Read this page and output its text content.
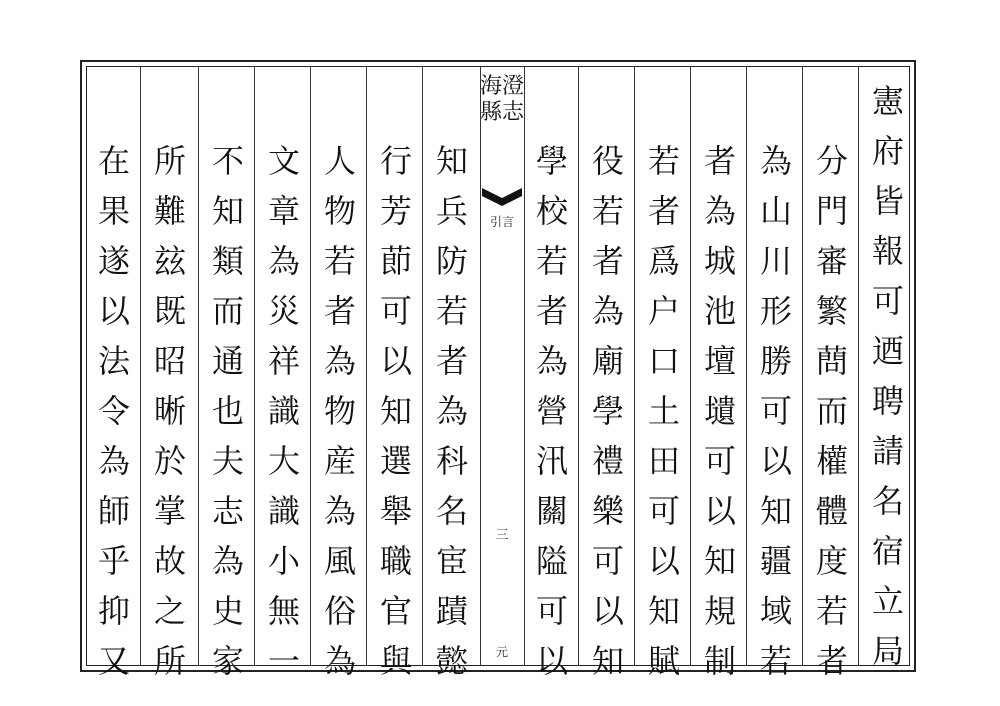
憲府皆報可迺聘請名宿立局
分門審繁蔄而權體度若者
為山川形勝可以知疆域若
者為城池壇壝可以知規制
若者爲户口土田可以知賦
役若者為廟學禮樂可以知
學校若者為營汛關隘可以
海澄縣志
引言
三
元
知兵防若者為科名宦蹟懿
行芳莭可以知選舉職官與
人物若者為物産為風俗為
文章為災祥識大識小無一
不知類而通也夫志為史家
所難玆既昭晰於掌故之所
在果遂以法令為師乎抑又
